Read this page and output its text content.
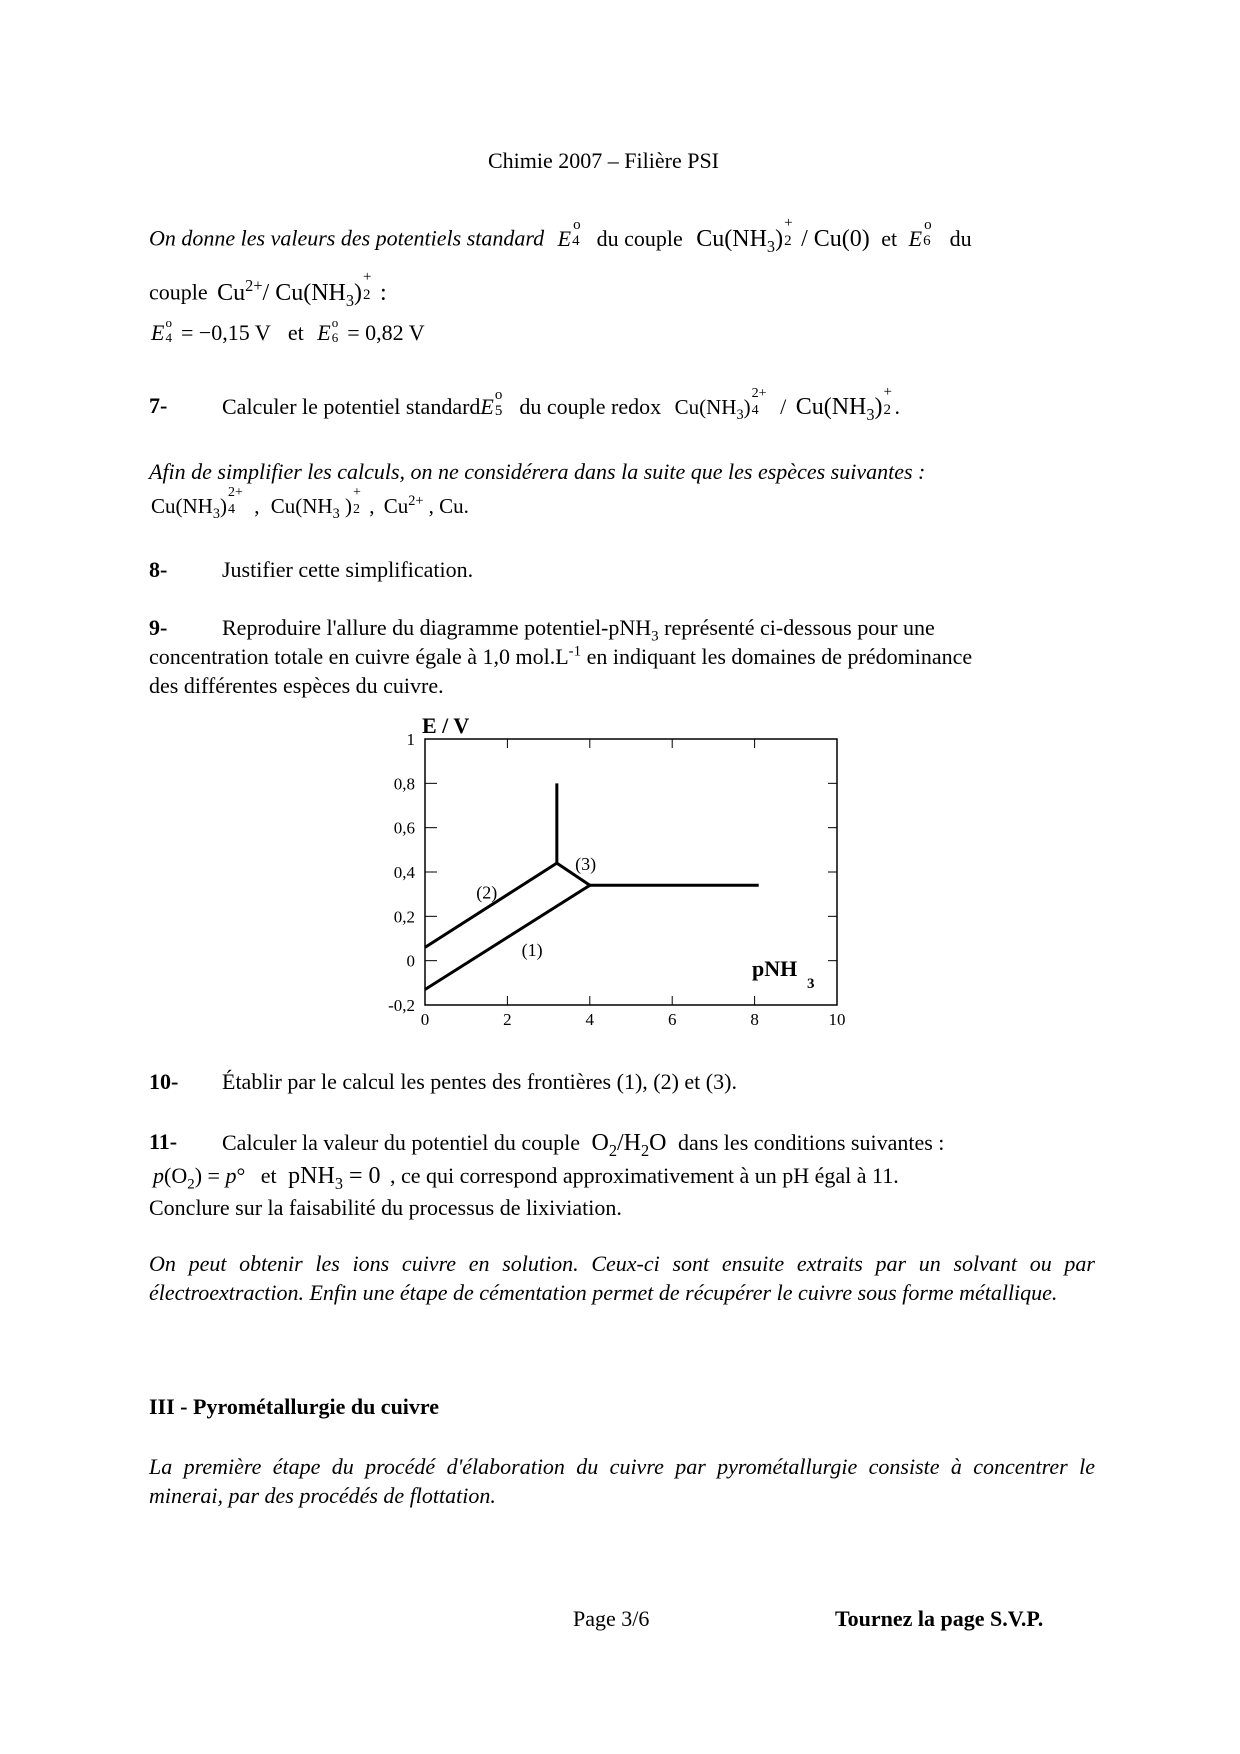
Chimie 2007 – Filière PSI
On donne les valeurs des potentiels standard E
o
4 du couple $Cu(NH_3)$
+
2 / Cu(0) et E
o
6 du
couple $Cu^{2+}/$ $Cu(NH_3)$
+
2 :
E o
4 = −0,15 V et E o
6 = 0,82 V
7- Calculer le potentiel standardE o
5 du couple redox $Cu(NH_3)$
2+
$4 / Cu(NH_3)$
+
2 .
Afin de simplifier les calculs, on ne considérera dans la suite que les espèces suivantes :
$Cu(NH_3)$
2+
4 , $Cu(NH_3$ )
+
2 , $Cu^{2+}$ , Cu.
8- Justifier cette simplification.
9- Reproduire l'allure du diagramme potentiel-pNH$_3$ représenté ci-dessous pour une
concentration totale en cuivre égale à 1,0 $mol.L^{-1}$ en indiquant les domaines de prédominance
des différentes espèces du cuivre.
0	2	4	6	8	10
-0,2
0
0,2
0,4
0,6
0,8
1
E / V
pNH
3
(1)
(2)
(3)
10- Établir par le calcul les pentes des frontières (1), (2) et (3).
11- Calculer la valeur du potentiel du couple $O_2/H_2O$ dans les conditions suivantes :
$p(O_2) = p^\circ$ et pNH$_3$ = 0 , ce qui correspond approximativement à un pH égal à 11.
Conclure sur la faisabilité du processus de lixiviation.
On peut obtenir les ions cuivre en solution. Ceux-ci sont ensuite extraits par un solvant ou par électroextraction. Enfin une étape de cémentation permet de récupérer le cuivre sous forme métallique.
III - Pyrométallurgie du cuivre
La première étape du procédé d'élaboration du cuivre par pyrométallurgie consiste à concentrer le minerai, par des procédés de flottation.
Page 3/6	Tournez la page S.V.P.
